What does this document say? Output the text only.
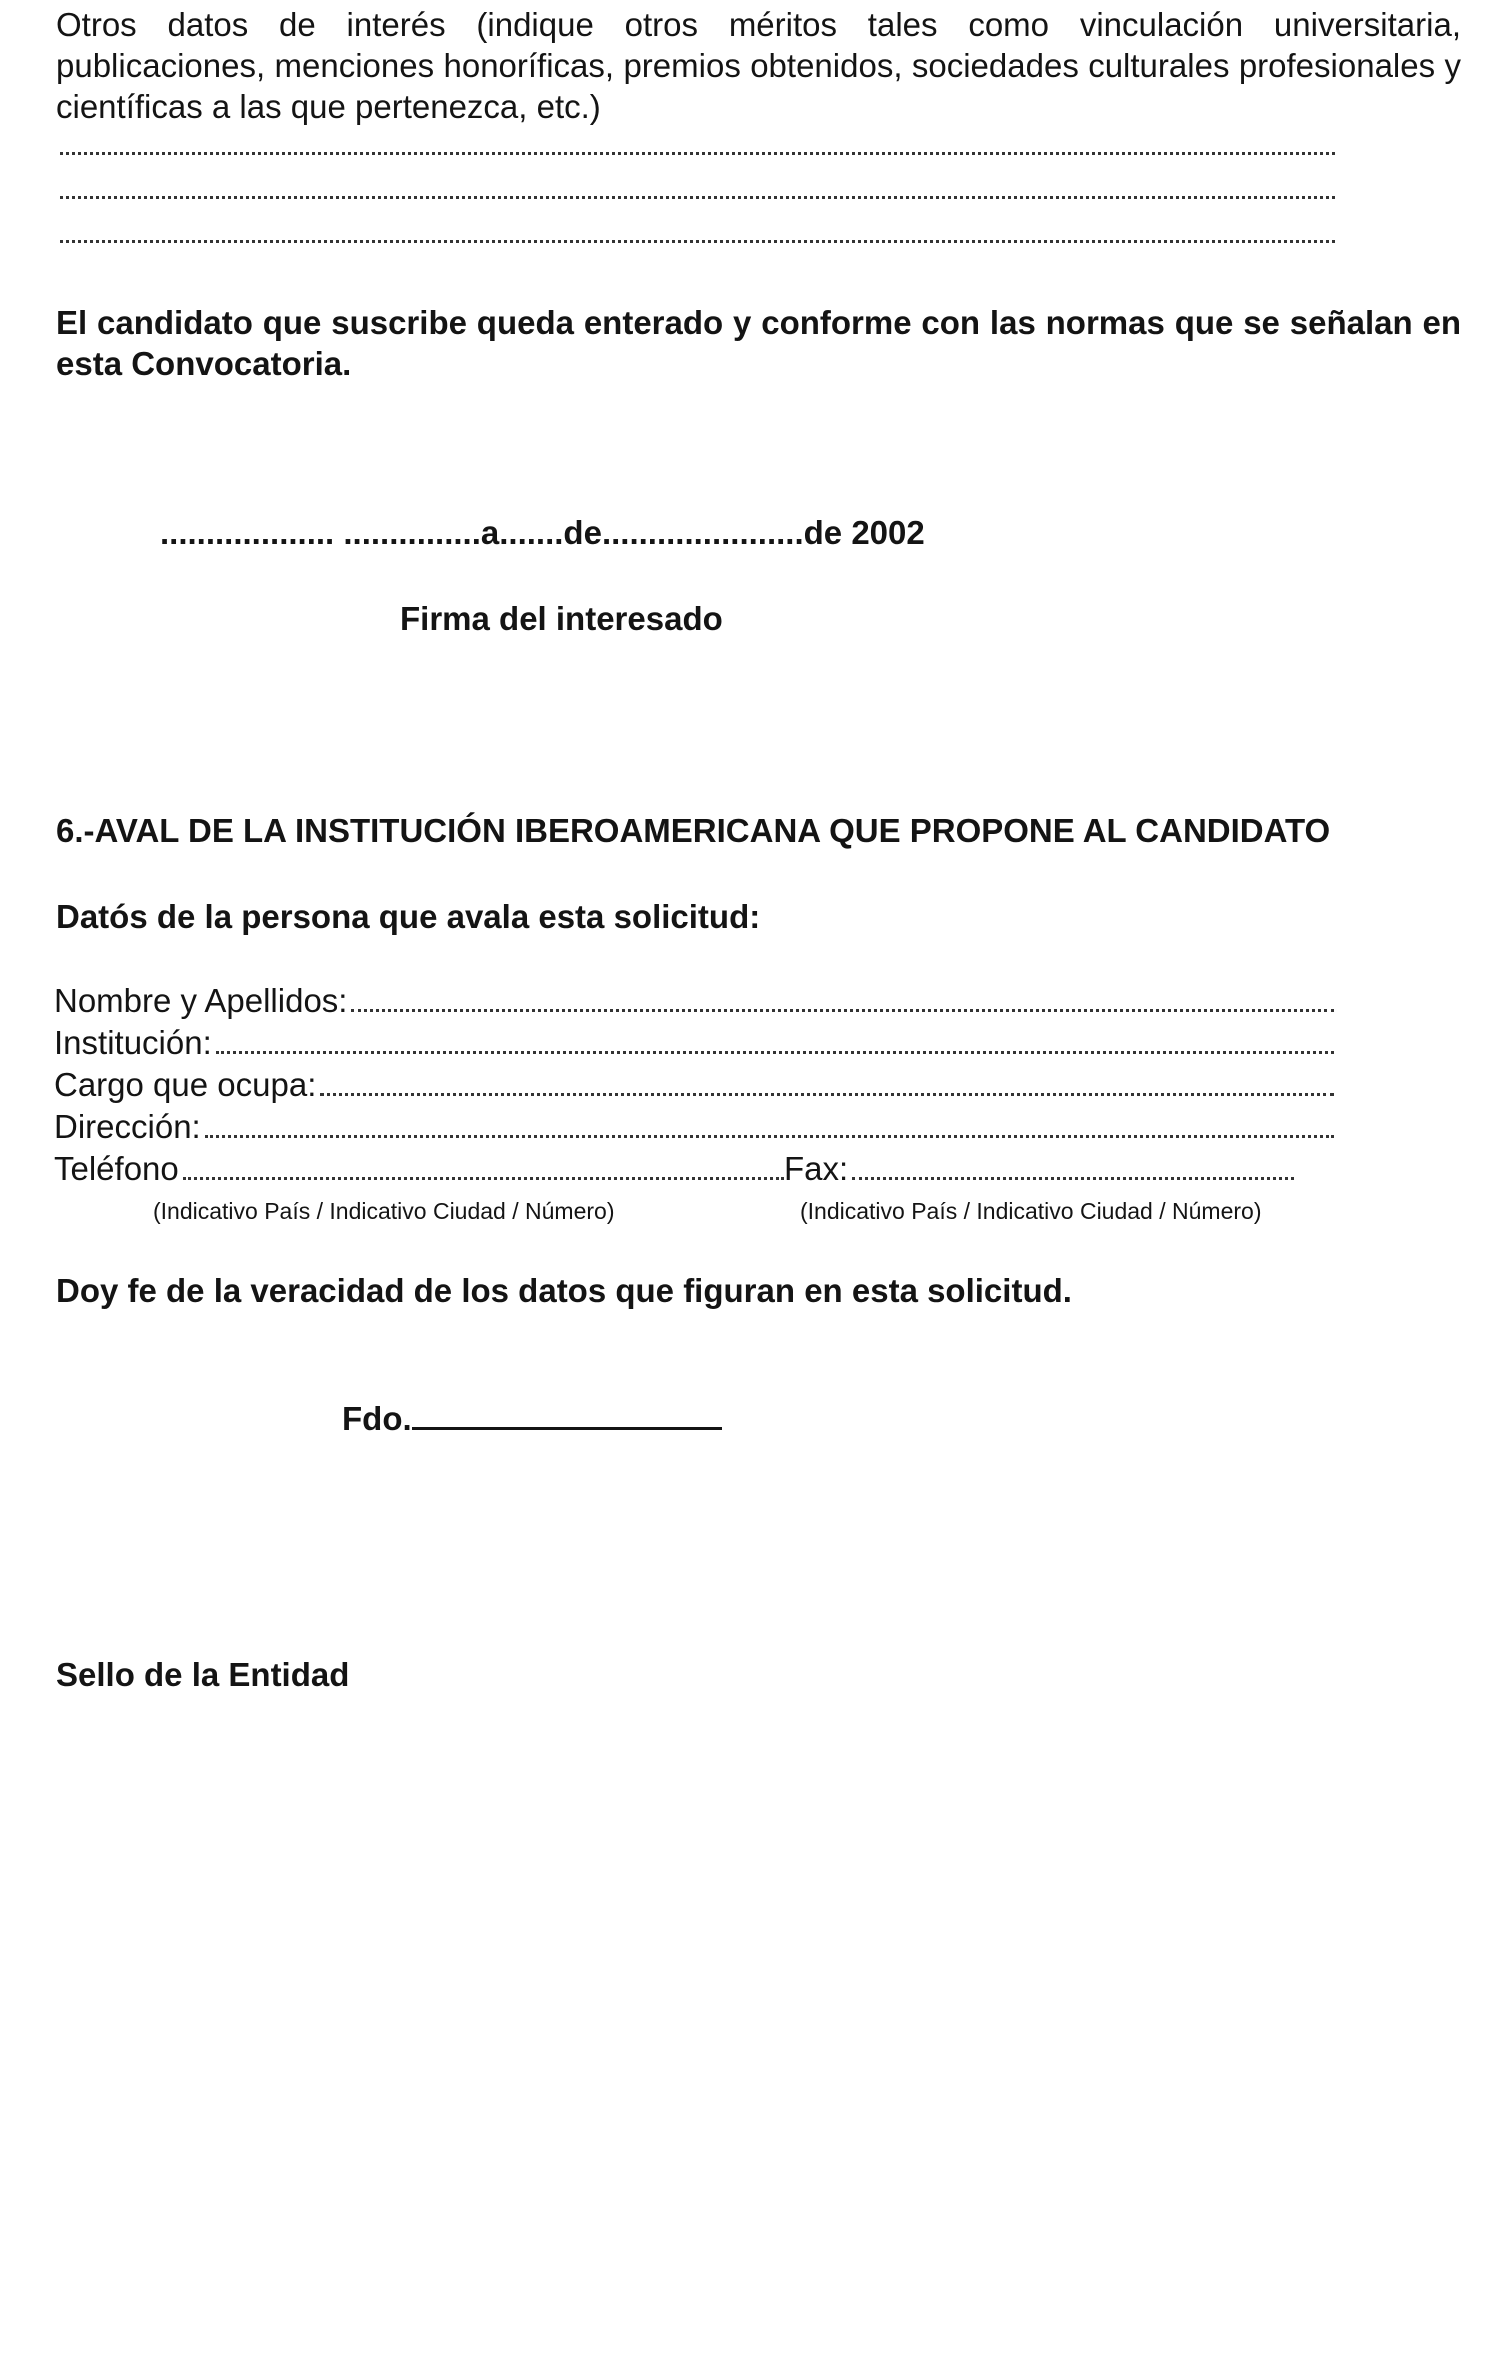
Otros datos de interés (indique otros méritos tales como vinculación universitaria, publicaciones, menciones honoríficas, premios obtenidos, sociedades culturales profesionales y científicas a las que pertenezca, etc.)

El candidato que suscribe queda enterado y conforme con las normas que se señalan en esta Convocatoria.

................... ...............a.......de......................de 2002

Firma del interesado

6.-AVAL DE LA INSTITUCIÓN IBEROAMERICANA QUE PROPONE AL CANDIDATO

Datós de la persona que avala esta solicitud:

Nombre y Apellidos:
Institución:
Cargo que ocupa:
Dirección:
Teléfono	Fax:
(Indicativo País / Indicativo Ciudad / Número)	(Indicativo País / Indicativo Ciudad / Número)

Doy fe de la veracidad de los datos que figuran en esta solicitud.

Fdo.

Sello de la Entidad
